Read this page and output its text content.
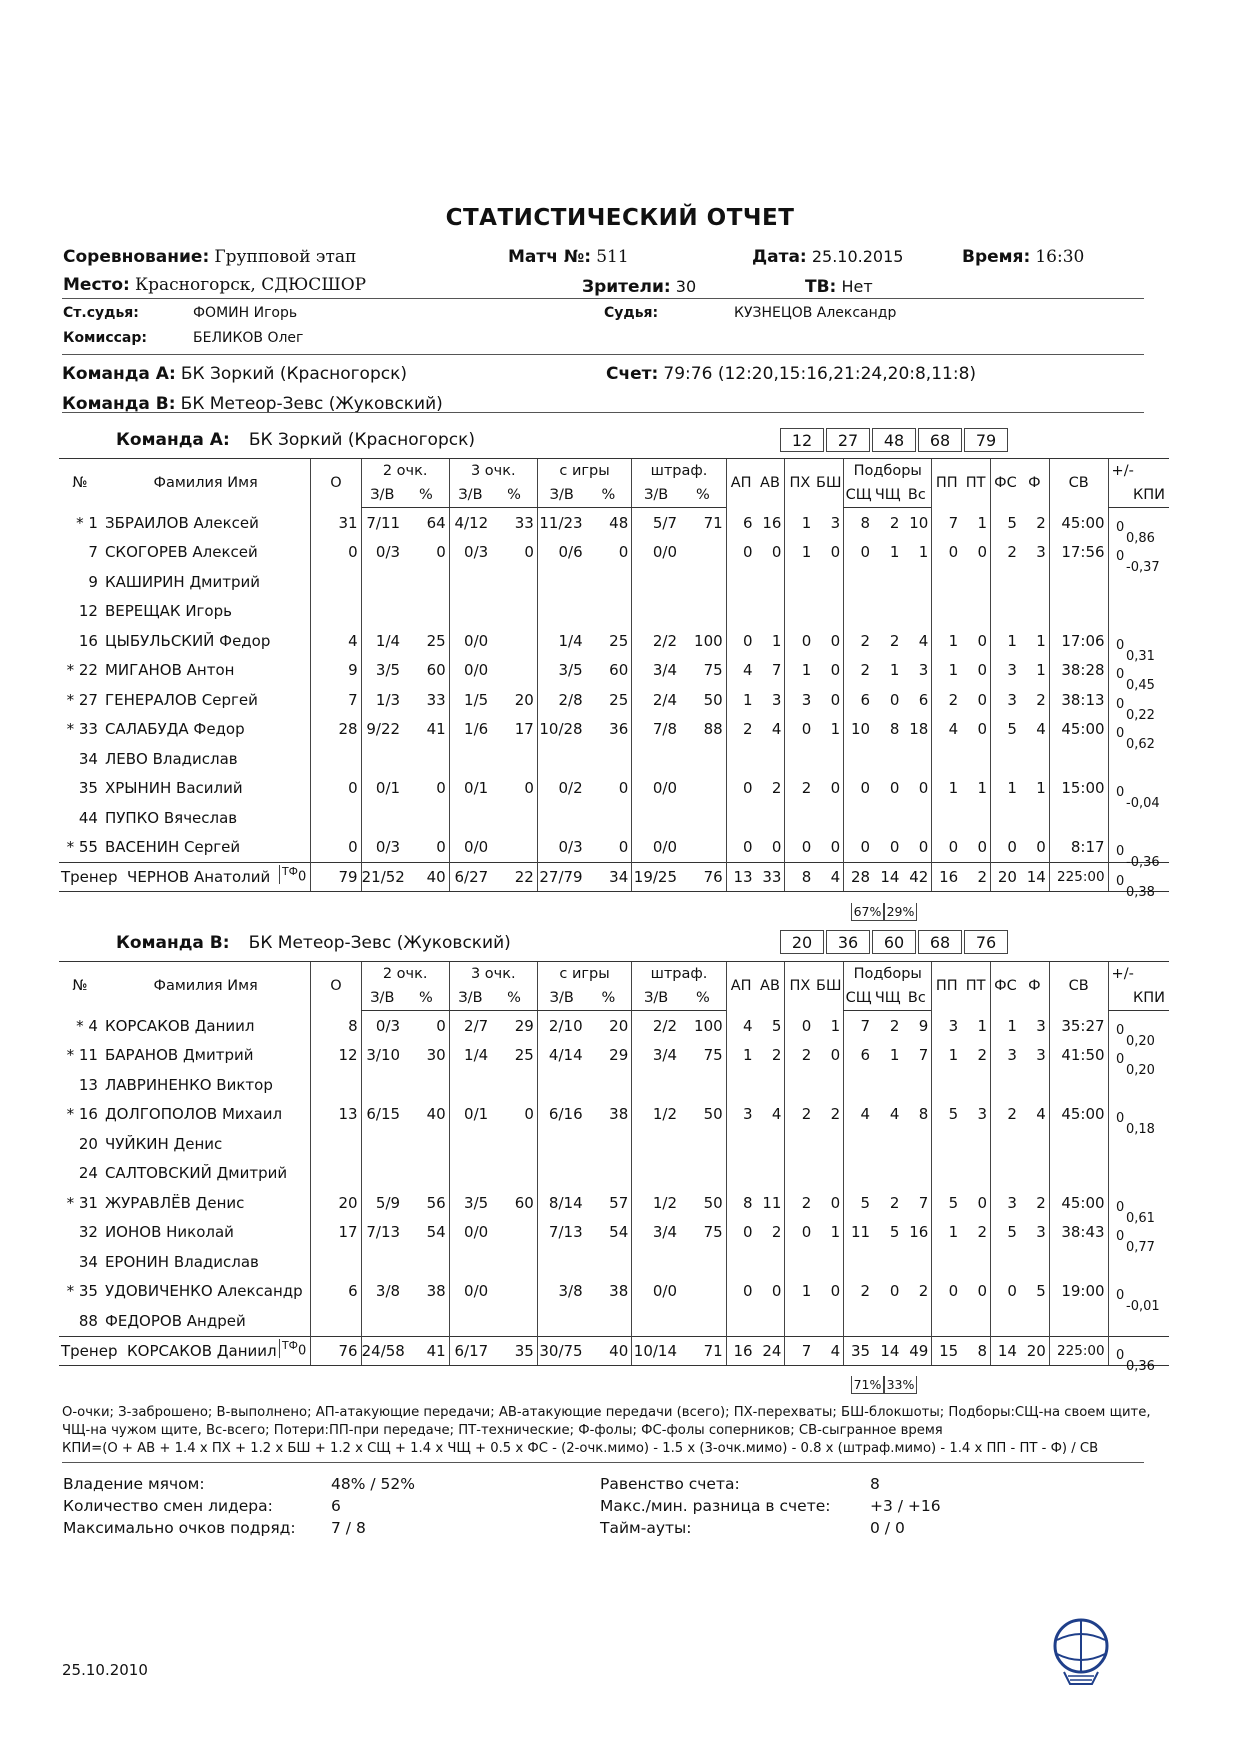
СТАТИСТИЧЕСКИЙ ОТЧЕТ
Соревнование: Групповой этап	Матч №: 511	Дата: 25.10.2015	Время: 16:30
Место: Красногорск, СДЮСШОР	Зрители: 30	ТВ: Нет
Ст.судья:	ФОМИН Игорь	Судья:	КУЗНЕЦОВ Александр
Комиссар:	БЕЛИКОВ Олег
Команда А: БК Зоркий (Красногорск)	Счет: 79:76 (12:20,15:16,21:24,20:8,11:8)
Команда В: БК Метеор-Зевс (Жуковский)
Команда А: БК Зоркий (Красногорск)	12	27	48	68	79
№	Фамилия Имя	О	2 очк.		3 очк.		с игры		штраф.		АП	АВ	ПХ	БШ	Подборы			ПП	ПТ	ФС	Ф	СВ	+/-
			З/В	%	З/В	%	З/В	%	З/В	%					СЩ	ЧЩ	Вс						КПИ
* 1	ЗБРАИЛОВ Алексей	31	7/11	64	4/12	33	11/23	48	5/7	71	6	16	1	3	8	2	10	7	1	5	2	45:00	0
0,86

7	СКОГОРЕВ Алексей	0	0/3	0	0/3	0	0/6	0	0/0		0	0	1	0	0	1	1	0	0	2	3	17:56	0
-0,37

9	КАШИРИН Дмитрий																						

12	ВЕРЕЩАК Игорь																						

16	ЦЫБУЛЬСКИЙ Федор	4	1/4	25	0/0		1/4	25	2/2	100	0	1	0	0	2	2	4	1	0	1	1	17:06	0
0,31

* 22	МИГАНОВ Антон	9	3/5	60	0/0		3/5	60	3/4	75	4	7	1	0	2	1	3	1	0	3	1	38:28	0
0,45

* 27	ГЕНЕРАЛОВ Сергей	7	1/3	33	1/5	20	2/8	25	2/4	50	1	3	3	0	6	0	6	2	0	3	2	38:13	0
0,22

* 33	САЛАБУДА Федор	28	9/22	41	1/6	17	10/28	36	7/8	88	2	4	0	1	10	8	18	4	0	5	4	45:00	0
0,62

34	ЛЕВО Владислав																						

35	ХРЫНИН Василий	0	0/1	0	0/1	0	0/2	0	0/0		0	2	2	0	0	0	0	1	1	1	1	15:00	0
-0,04

44	ПУПКО Вячеслав																						

* 55	ВАСЕНИН Сергей	0	0/3	0	0/0		0/3	0	0/0		0	0	0	0	0	0	0	0	0	0	0	8:17	0
-0,36

Тренер ЧЕРНОВ Анатолий $^{ТФ}$0		79	21/52	40	6/27	22	27/79	34	19/25	76	13	33	8	4	28	14	42	16	2	20	14	225:00	0
0,38
67% 29%
Команда В: БК Метеор-Зевс (Жуковский)	20	36	60	68	76
№	Фамилия Имя	О	2 очк.		3 очк.		с игры		штраф.		АП	АВ	ПХ	БШ	Подборы			ПП	ПТ	ФС	Ф	СВ	+/-
			З/В	%	З/В	%	З/В	%	З/В	%					СЩ	ЧЩ	Вс						КПИ
* 4	КОРСАКОВ Даниил	8	0/3	0	2/7	29	2/10	20	2/2	100	4	5	0	1	7	2	9	3	1	1	3	35:27	0
0,20

* 11	БАРАНОВ Дмитрий	12	3/10	30	1/4	25	4/14	29	3/4	75	1	2	2	0	6	1	7	1	2	3	3	41:50	0
0,20

13	ЛАВРИНЕНКО Виктор																						

* 16	ДОЛГОПОЛОВ Михаил	13	6/15	40	0/1	0	6/16	38	1/2	50	3	4	2	2	4	4	8	5	3	2	4	45:00	0
0,18

20	ЧУЙКИН Денис																						

24	САЛТОВСКИЙ Дмитрий																						

* 31	ЖУРАВЛЁВ Денис	20	5/9	56	3/5	60	8/14	57	1/2	50	8	11	2	0	5	2	7	5	0	3	2	45:00	0
0,61

32	ИОНОВ Николай	17	7/13	54	0/0		7/13	54	3/4	75	0	2	0	1	11	5	16	1	2	5	3	38:43	0
0,77

34	ЕРОНИН Владислав																						

* 35	УДОВИЧЕНКО Александр	6	3/8	38	0/0		3/8	38	0/0		0	0	1	0	2	0	2	0	0	0	5	19:00	0
-0,01

88	ФЕДОРОВ Андрей																						

Тренер КОРСАКОВ Даниил $^{ТФ}$0		76	24/58	41	6/17	35	30/75	40	10/14	71	16	24	7	4	35	14	49	15	8	14	20	225:00	0
0,36
71% 33%
О-очки; З-заброшено; В-выполнено; АП-атакующие передачи; АВ-атакующие передачи (всего); ПХ-перехваты; БШ-блокшоты; Подборы:СЩ-на своем щите,
ЧЩ-на чужом щите, Вс-всего; Потери:ПП-при передаче; ПТ-технические; Ф-фолы; ФС-фолы соперников; СВ-сыгранное время
КПИ=(О + АВ + 1.4 х ПХ + 1.2 х БШ + 1.2 х СЩ + 1.4 х ЧЩ + 0.5 х ФС - (2-очк.мимо) - 1.5 х (3-очк.мимо) - 0.8 х (штраф.мимо) - 1.4 х ПП - ПТ - Ф) / СВ
Владение мячом:	48% / 52%
Количество смен лидера:	6
Максимально очков подряд: 7 / 8
Равенство счета:	8
Макс./мин. разница в счете:	+3 / +16
Тайм-ауты:	0 / 0
25.10.2010
